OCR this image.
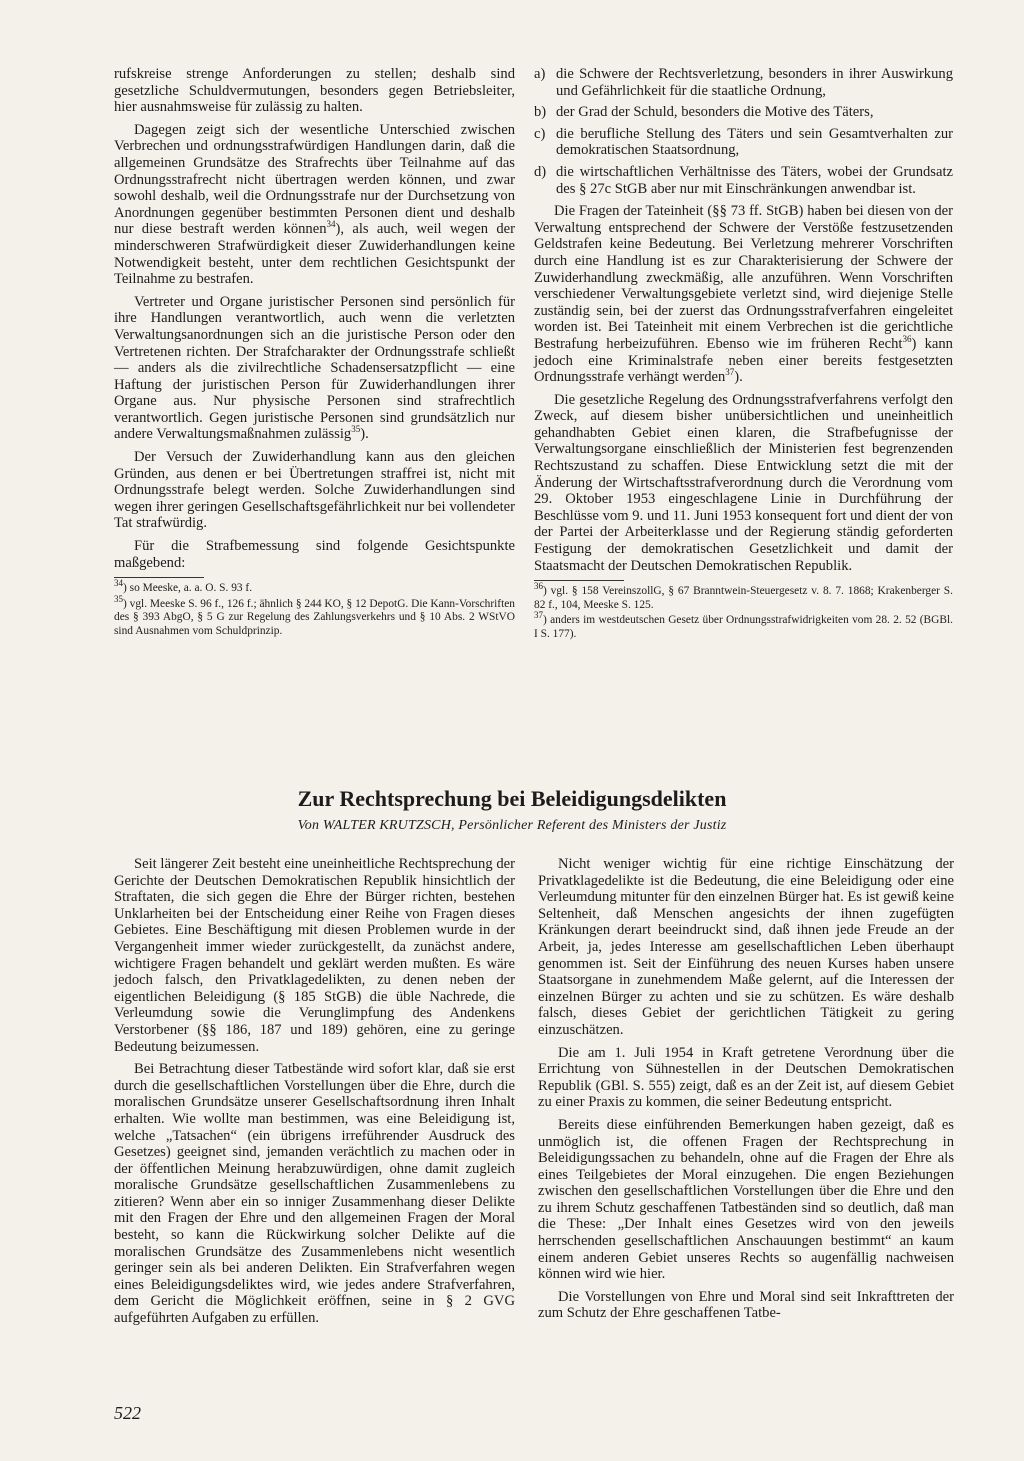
rufskreise strenge Anforderungen zu stellen; deshalb sind gesetzliche Schuldvermutungen, besonders gegen Betriebsleiter, hier ausnahmsweise für zulässig zu halten.

Dagegen zeigt sich der wesentliche Unterschied zwischen Verbrechen und ordnungsstrafwürdigen Handlungen darin, daß die allgemeinen Grundsätze des Strafrechts über Teilnahme auf das Ordnungsstrafrecht nicht übertragen werden können, und zwar sowohl deshalb, weil die Ordnungsstrafe nur der Durchsetzung von Anordnungen gegenüber bestimmten Personen dient und deshalb nur diese bestraft werden können$^{34}$), als auch, weil wegen der minderschweren Strafwürdigkeit dieser Zuwiderhandlungen keine Notwendigkeit besteht, unter dem rechtlichen Gesichtspunkt der Teilnahme zu bestrafen.

Vertreter und Organe juristischer Personen sind persönlich für ihre Handlungen verantwortlich, auch wenn die verletzten Verwaltungsanordnungen sich an die juristische Person oder den Vertretenen richten. Der Strafcharakter der Ordnungsstrafe schließt — anders als die zivilrechtliche Schadensersatzpflicht — eine Haftung der juristischen Person für Zuwiderhandlungen ihrer Organe aus. Nur physische Personen sind strafrechtlich verantwortlich. Gegen juristische Personen sind grundsätzlich nur andere Verwaltungsmaßnahmen zulässig$^{35}$).

Der Versuch der Zuwiderhandlung kann aus den gleichen Gründen, aus denen er bei Übertretungen straffrei ist, nicht mit Ordnungsstrafe belegt werden. Solche Zuwiderhandlungen sind wegen ihrer geringen Gesellschaftsgefährlichkeit nur bei vollendeter Tat strafwürdig.

Für die Strafbemessung sind folgende Gesichtspunkte maßgebend:

$^{34}$) so Meeske, a. a. O. S. 93 f.

$^{35}$) vgl. Meeske S. 96 f., 126 f.; ähnlich § 244 KO, § 12 DepotG. Die Kann-Vorschriften des § 393 AbgO, § 5 G zur Regelung des Zahlungsverkehrs und § 10 Abs. 2 WStVO sind Ausnahmen vom Schuldprinzip.

a) die Schwere der Rechtsverletzung, besonders in ihrer Auswirkung und Gefährlichkeit für die staatliche Ordnung,
b) der Grad der Schuld, besonders die Motive des Täters,
c) die berufliche Stellung des Täters und sein Gesamtverhalten zur demokratischen Staatsordnung,
d) die wirtschaftlichen Verhältnisse des Täters, wobei der Grundsatz des § 27c StGB aber nur mit Einschränkungen anwendbar ist.

Die Fragen der Tateinheit (§§ 73 ff. StGB) haben bei diesen von der Verwaltung entsprechend der Schwere der Verstöße festzusetzenden Geldstrafen keine Bedeutung. Bei Verletzung mehrerer Vorschriften durch eine Handlung ist es zur Charakterisierung der Schwere der Zuwiderhandlung zweckmäßig, alle anzuführen. Wenn Vorschriften verschiedener Verwaltungsgebiete verletzt sind, wird diejenige Stelle zuständig sein, bei der zuerst das Ordnungsstrafverfahren eingeleitet worden ist. Bei Tateinheit mit einem Verbrechen ist die gerichtliche Bestrafung herbeizuführen. Ebenso wie im früheren Recht$^{36}$) kann jedoch eine Kriminalstrafe neben einer bereits festgesetzten Ordnungsstrafe verhängt werden$^{37}$).

Die gesetzliche Regelung des Ordnungsstrafverfahrens verfolgt den Zweck, auf diesem bisher unübersichtlichen und uneinheitlich gehandhabten Gebiet einen klaren, die Strafbefugnisse der Verwaltungsorgane einschließlich der Ministerien fest begrenzenden Rechtszustand zu schaffen. Diese Entwicklung setzt die mit der Änderung der Wirtschaftsstrafverordnung durch die Verordnung vom 29. Oktober 1953 eingeschlagene Linie in Durchführung der Beschlüsse vom 9. und 11. Juni 1953 konsequent fort und dient der von der Partei der Arbeiterklasse und der Regierung ständig geforderten Festigung der demokratischen Gesetzlichkeit und damit der Staatsmacht der Deutschen Demokratischen Republik.

$^{36}$) vgl. § 158 VereinszollG, § 67 Branntwein-Steuergesetz v. 8. 7. 1868; Krakenberger S. 82 f., 104, Meeske S. 125.

$^{37}$) anders im westdeutschen Gesetz über Ordnungsstrafwidrigkeiten vom 28. 2. 52 (BGBl. I S. 177).

Zur Rechtsprechung bei Beleidigungsdelikten
Von WALTER KRUTZSCH, Persönlicher Referent des Ministers der Justiz

Seit längerer Zeit besteht eine uneinheitliche Rechtsprechung der Gerichte der Deutschen Demokratischen Republik hinsichtlich der Straftaten, die sich gegen die Ehre der Bürger richten, bestehen Unklarheiten bei der Entscheidung einer Reihe von Fragen dieses Gebietes. Eine Beschäftigung mit diesen Problemen wurde in der Vergangenheit immer wieder zurückgestellt, da zunächst andere, wichtigere Fragen behandelt und geklärt werden mußten. Es wäre jedoch falsch, den Privatklagedelikten, zu denen neben der eigentlichen Beleidigung (§ 185 StGB) die üble Nachrede, die Verleumdung sowie die Verunglimpfung des Andenkens Verstorbener (§§ 186, 187 und 189) gehören, eine zu geringe Bedeutung beizumessen.

Bei Betrachtung dieser Tatbestände wird sofort klar, daß sie erst durch die gesellschaftlichen Vorstellungen über die Ehre, durch die moralischen Grundsätze unserer Gesellschaftsordnung ihren Inhalt erhalten. Wie wollte man bestimmen, was eine Beleidigung ist, welche „Tatsachen“ (ein übrigens irreführender Ausdruck des Gesetzes) geeignet sind, jemanden verächtlich zu machen oder in der öffentlichen Meinung herabzuwürdigen, ohne damit zugleich moralische Grundsätze gesellschaftlichen Zusammenlebens zu zitieren? Wenn aber ein so inniger Zusammenhang dieser Delikte mit den Fragen der Ehre und den allgemeinen Fragen der Moral besteht, so kann die Rückwirkung solcher Delikte auf die moralischen Grundsätze des Zusammenlebens nicht wesentlich geringer sein als bei anderen Delikten. Ein Strafverfahren wegen eines Beleidigungsdeliktes wird, wie jedes andere Strafverfahren, dem Gericht die Möglichkeit eröffnen, seine in § 2 GVG aufgeführten Aufgaben zu erfüllen.

Nicht weniger wichtig für eine richtige Einschätzung der Privatklagedelikte ist die Bedeutung, die eine Beleidigung oder eine Verleumdung mitunter für den einzelnen Bürger hat. Es ist gewiß keine Seltenheit, daß Menschen angesichts der ihnen zugefügten Kränkungen derart beeindruckt sind, daß ihnen jede Freude an der Arbeit, ja, jedes Interesse am gesellschaftlichen Leben überhaupt genommen ist. Seit der Einführung des neuen Kurses haben unsere Staatsorgane in zunehmendem Maße gelernt, auf die Interessen der einzelnen Bürger zu achten und sie zu schützen. Es wäre deshalb falsch, dieses Gebiet der gerichtlichen Tätigkeit zu gering einzuschätzen.

Die am 1. Juli 1954 in Kraft getretene Verordnung über die Errichtung von Sühnestellen in der Deutschen Demokratischen Republik (GBl. S. 555) zeigt, daß es an der Zeit ist, auf diesem Gebiet zu einer Praxis zu kommen, die seiner Bedeutung entspricht.

Bereits diese einführenden Bemerkungen haben gezeigt, daß es unmöglich ist, die offenen Fragen der Rechtsprechung in Beleidigungssachen zu behandeln, ohne auf die Fragen der Ehre als eines Teilgebietes der Moral einzugehen. Die engen Beziehungen zwischen den gesellschaftlichen Vorstellungen über die Ehre und den zu ihrem Schutz geschaffenen Tatbeständen sind so deutlich, daß man die These: „Der Inhalt eines Gesetzes wird von den jeweils herrschenden gesellschaftlichen Anschauungen bestimmt“ an kaum einem anderen Gebiet unseres Rechts so augenfällig nachweisen können wird wie hier.

Die Vorstellungen von Ehre und Moral sind seit Inkrafttreten der zum Schutz der Ehre geschaffenen Tatbe-

522
